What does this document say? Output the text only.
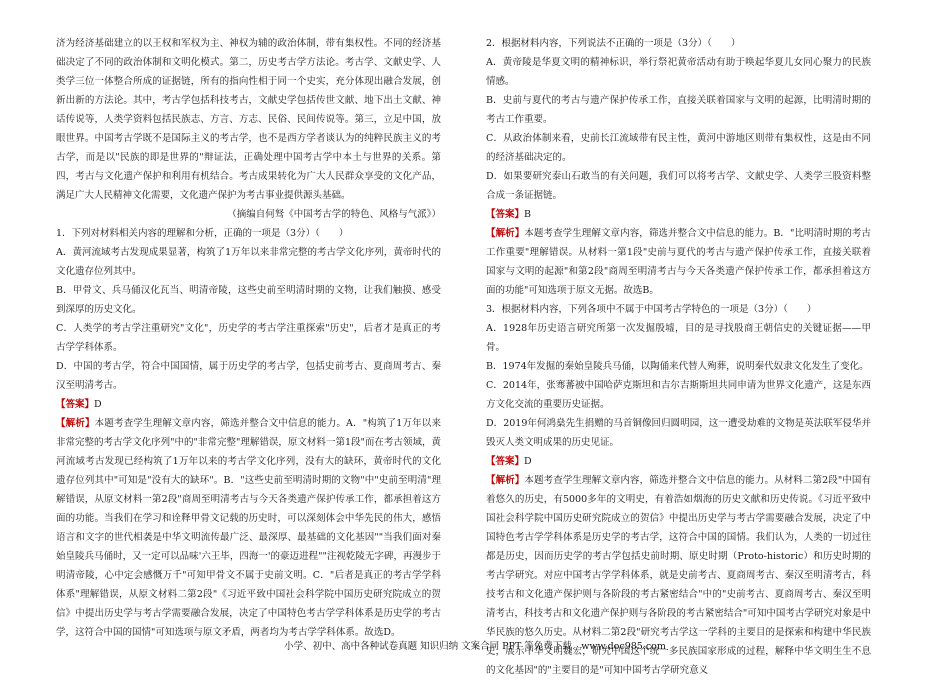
济为经济基础建立的以王权和军权为主、神权为辅的政治体制，带有集权性。不同的经济基础决定了不同的政治体制和文明化模式。第二，历史考古学方法论。考古学、文献史学、人类学三位一体整合所成的证据链，所有的指向性相于同一个史实，充分体现出融合发展，创新出新的方法论。其中，考古学包括科技考古，文献史学包括传世文献、地下出土文献、神话传说等，人类学资料包括民族志、方言、方志、民俗、民间传说等。第三，立足中国，放眼世界。中国考古学既不是国际主义的考古学，也不是西方学者谈认为的纯粹民族主义的考古学，而是以"民族的即是世界的"辩证法，正确处理中国考古学中本土与世界的关系。第四，考古与文化遗产保护和利用有机结合。考古成果转化为广大人民群众享受的文化产品，满足广大人民精神文化需要，文化遗产保护为考古事业提供源头基础。

（摘编自何驽《中国考古学的特色、风格与气派》）

1．下列对材料相关内容的理解和分析，正确的一项是（3分）（　　）

A．黄河流域考古发现成果显著，构筑了1万年以来非常完整的考古学文化序列，黄帝时代的文化遗存位列其中。

B．甲骨文、兵马俑汉化瓦当、明清帝陵，这些史前至明清时期的文物，让我们触摸、感受到深厚的历史文化。

C．人类学的考古学注重研究"文化"，历史学的考古学注重探索"历史"，后者才是真正的考古学学科体系。

D．中国的考古学，符合中国国情，属于历史学的考古学，包括史前考古、夏商周考古、秦汉至明清考古。

【答案】D

【解析】本题考查学生理解文章内容，筛选并整合文中信息的能力。A．"构筑了1万年以来非常完整的考古学文化序列"中的"非常完整"理解错误，原文材料一第1段"而在考古领域，黄河流域考古发现已经构筑了1万年以来的考古学文化序列，没有大的缺环，黄帝时代的文化遗存位列其中"可知是"没有大的缺环"。B．"这些史前至明清时期的文物"中"史前至明清"理解错误，从原文材料一第2段"商周至明清考古与今天各类遗产保护传承工作，都承担着这方面的功能。当我们在学习和诠释甲骨文记载的历史时，可以深刻体会中华先民的伟大，感悟语言和文字的世代相袭是中华文明流传最广泛、最深厚、最基础的文化基因""当我们面对秦始皇陵兵马俑时，又一定可以品味'六王毕，四海一'的豪迈进程""注视乾陵无字碑，再漫步于明清帝陵，心中定会感慨万千"可知甲骨文不属于史前文明。C．"后者是真正的考古学学科体系"理解错误，从原文材料二第2段"《习近平致中国社会科学院中国历史研究院成立的贺信》中提出历史学与考古学需要融合发展，决定了中国特色考古学学科体系是历史学的考古学，这符合中国的国情"可知选项与原文矛盾，两者均为考古学学科体系。故选D。

2．根据材料内容，下列说法不正确的一项是（3分）（　　）

A．黄帝陵是华夏文明的精神标识，举行祭祀黄帝活动有助于唤起华夏儿女同心聚力的民族情感。

B．史前与夏代的考古与遗产保护传承工作，直接关联着国家与文明的起源，比明清时期的考古工作重要。

C．从政治体制来看，史前长江流域带有民主性，黄河中游地区则带有集权性，这是由不同的经济基础决定的。

D．如果要研究泰山石敢当的有关问题，我们可以将考古学、文献史学、人类学三股资料整合成一条证据链。

【答案】B

【解析】本题考查学生理解文章内容，筛选并整合文中信息的能力。B．"比明清时期的考古工作重要"理解错误。从材料一第1段"史前与夏代的考古与遗产保护传承工作，直接关联着国家与文明的起源"和第2段"商周至明清考古与今天各类遗产保护传承工作，都承担着这方面的功能"可知选项于原文无据。故选B。

3．根据材料内容，下列各项中不属于中国考古学特色的一项是（3分）（　　）

A．1928年历史语言研究所第一次发掘殷墟，目的是寻找殷商王朝信史的关键证据——甲骨。

B．1974年发掘的秦始皇陵兵马俑，以陶俑来代替人殉葬，说明秦代奴隶文化发生了变化。

C．2014年，张骞蕃被中国哈萨克斯坦和吉尔吉斯斯坦共同申请为世界文化遗产，这是东西方文化交流的重要历史证据。

D．2019年何鸿燊先生捐赠的马首铜像回归圆明园，这一遭受劫难的文物是英法联军侵华并毁灭人类文明成果的历史见证。

【答案】D

【解析】本题考查学生理解文章内容，筛选并整合文中信息的能力。从材料二第2段"中国有着悠久的历史，有5000多年的文明史，有着浩如烟海的历史文献和历史传说。《习近平致中国社会科学院中国历史研究院成立的贺信》中提出历史学与考古学需要融合发展，决定了中国特色考古学学科体系是历史学的考古学，这符合中国的国情。我们认为，人类的一切过往都是历史，因而历史学的考古学包括史前时期、原史时期（Proto-historic）和历史时期的考古学研究。对应中国考古学学科体系，就是史前考古、夏商周考古、秦汉至明清考古，科技考古和文化遗产保护则与各阶段的考古紧密结合"中的"史前考古、夏商周考古、秦汉至明清考古，科技考古和文化遗产保护则与各阶段的考古紧密结合"可知中国考古学研究对象是中华民族的悠久历史。从材料二第2段"研究考古学这一学科的主要目的是探索和构建中华民族史，展示中华文明魏宏，研究中国这个统一多民族国家形成的过程，解释中华文明生生不息的文化基因"的"主要目的是"可知中国考古学研究意义

小学、初中、高中各种试卷真题 知识归纳 文案合同 PPT 等免费下载　www.doc985.com
